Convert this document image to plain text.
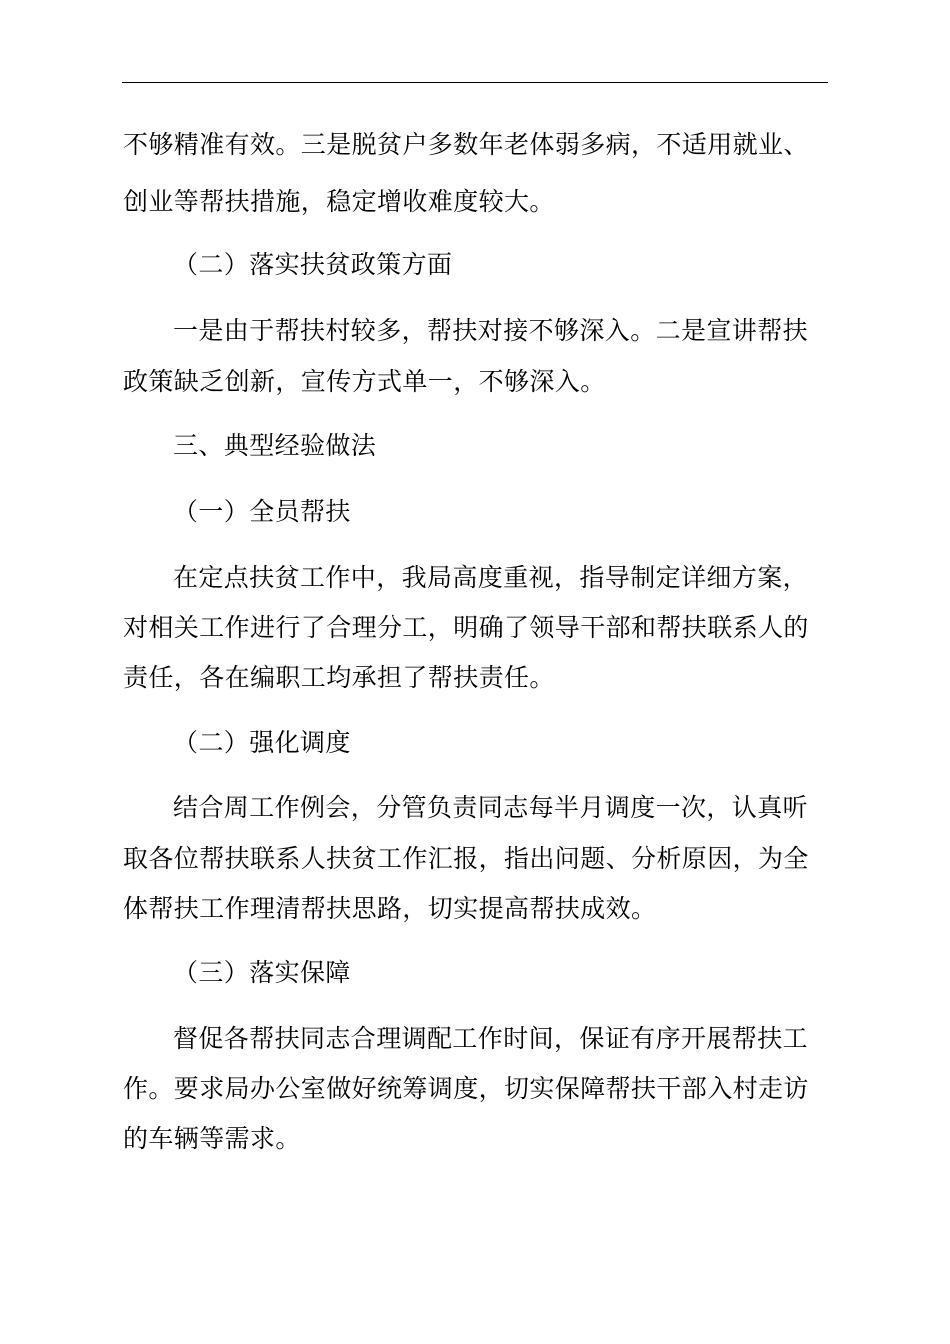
不够精准有效。三是脱贫户多数年老体弱多病，不适用就业、
创业等帮扶措施，稳定增收难度较大。
（二）落实扶贫政策方面
一是由于帮扶村较多，帮扶对接不够深入。二是宣讲帮扶
政策缺乏创新，宣传方式单一，不够深入。
三、典型经验做法
（一）全员帮扶
在定点扶贫工作中，我局高度重视，指导制定详细方案，
对相关工作进行了合理分工，明确了领导干部和帮扶联系人的
责任，各在编职工均承担了帮扶责任。
（二）强化调度
结合周工作例会，分管负责同志每半月调度一次，认真听
取各位帮扶联系人扶贫工作汇报，指出问题、分析原因，为全
体帮扶工作理清帮扶思路，切实提高帮扶成效。
（三）落实保障
督促各帮扶同志合理调配工作时间，保证有序开展帮扶工
作。要求局办公室做好统筹调度，切实保障帮扶干部入村走访
的车辆等需求。
